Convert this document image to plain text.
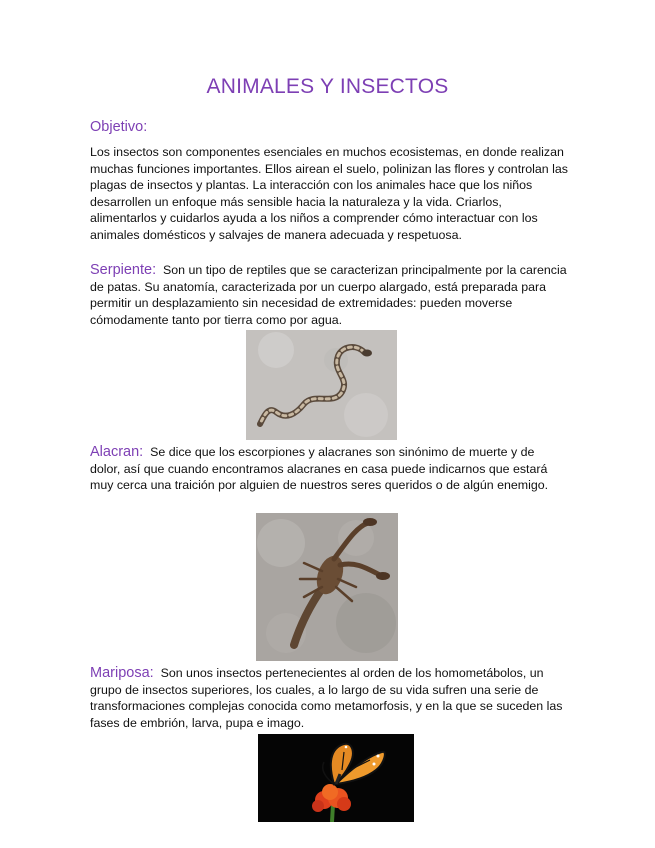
ANIMALES Y INSECTOS
Objetivo:

Los insectos son componentes esenciales en muchos ecosistemas, en donde realizan muchas funciones importantes. Ellos airean el suelo, polinizan las flores y controlan las plagas de insectos y plantas. La interacción con los animales hace que los niños desarrollen un enfoque más sensible hacia la naturaleza y la vida. Criarlos, alimentarlos y cuidarlos ayuda a los niños a comprender cómo interactuar con los animales domésticos y salvajes de manera adecuada y respetuosa.

Serpiente: Son un tipo de reptiles que se caracterizan principalmente por la carencia de patas. Su anatomía, caracterizada por un cuerpo alargado, está preparada para permitir un desplazamiento sin necesidad de extremidades: pueden moverse cómodamente tanto por tierra como por agua.

Alacran: Se dice que los escorpiones y alacranes son sinónimo de muerte y de dolor, así que cuando encontramos alacranes en casa puede indicarnos que estará muy cerca una traición por alguien de nuestros seres queridos o de algún enemigo.

Mariposa: Son unos insectos pertenecientes al orden de los homometábolos, un grupo de insectos superiores, los cuales, a lo largo de su vida sufren una serie de transformaciones complejas conocida como metamorfosis, y en la que se suceden las fases de embrión, larva, pupa e imago.
